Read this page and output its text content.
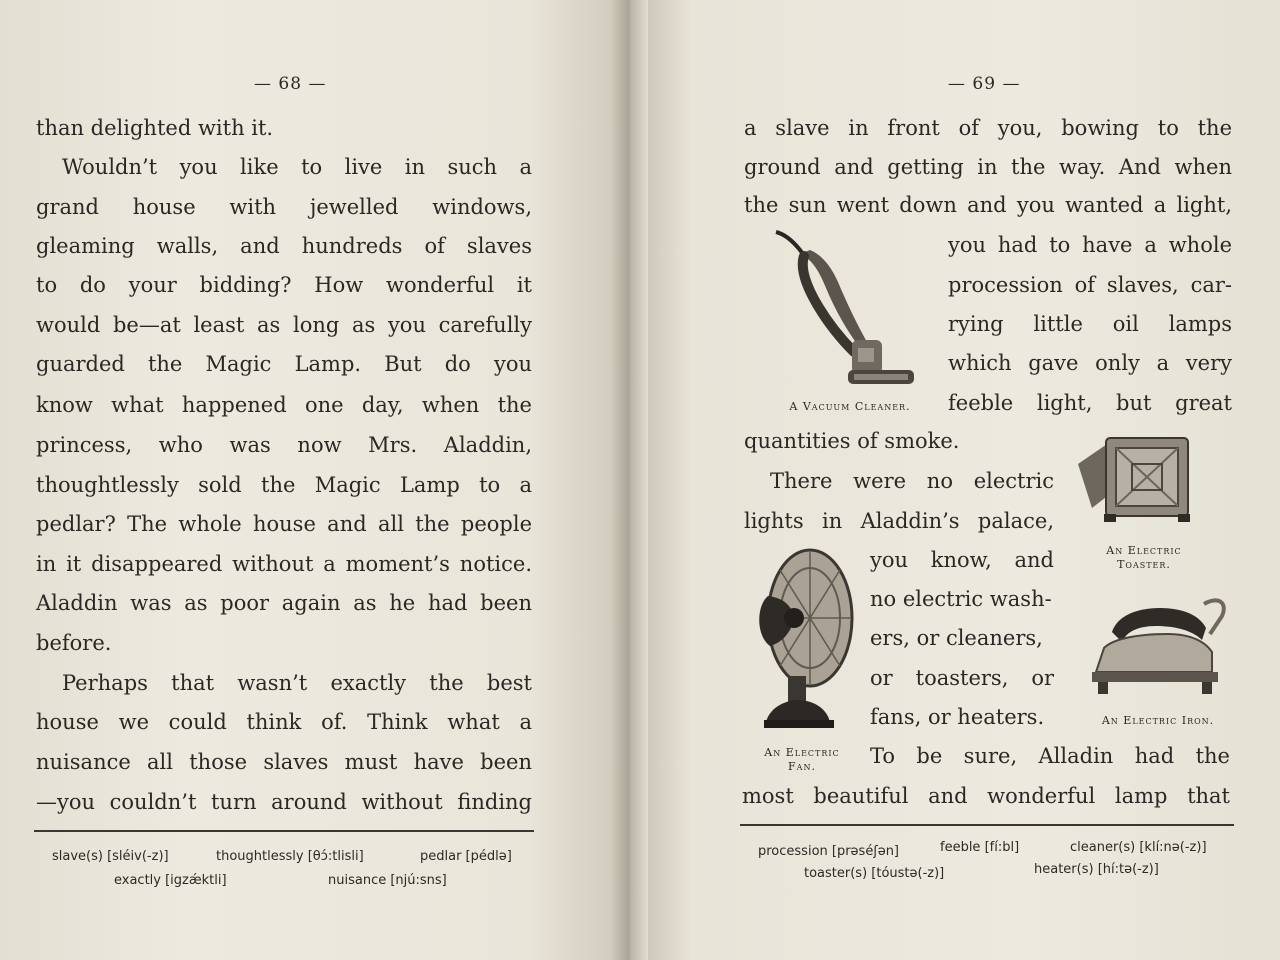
— 68 —
than delighted with it.
Wouldn’t you like to live in such a
grand house with jewelled windows,
gleaming walls, and hundreds of slaves
to do your bidding? How wonderful it
would be—at least as long as you carefully
guarded the Magic Lamp. But do you
know what happened one day, when the
princess, who was now Mrs. Aladdin,
thoughtlessly sold the Magic Lamp to a
pedlar? The whole house and all the people
in it disappeared without a moment’s notice.
Aladdin was as poor again as he had been
before.
Perhaps that wasn’t exactly the best
house we could think of. Think what a
nuisance all those slaves must have been
—you couldn’t turn around without finding
slave(s) [sléiv(-z)]	thoughtlessly [θɔ́:tlisli]	pedlar [pédlə]
exactly [igzǽktli]	nuisance [njú:sns]
— 69 —
a slave in front of you, bowing to the
ground and getting in the way. And when
the sun went down and you wanted a light,
you had to have a whole
procession of slaves, car-
rying little oil lamps
which gave only a very
feeble light, but great
quantities of smoke.
There were no electric
lights in Aladdin’s palace,
you know, and
no electric wash-
ers, or cleaners,
or toasters, or
fans, or heaters.
To be sure, Alladin had the
most beautiful and wonderful lamp that
A Vacuum Cleaner.
An Electric
Toaster.
An Electric Iron.
An Electric
Fan.
procession [prəséʃən]	feeble [fí:bl]	cleaner(s) [klí:nə(-z)]
toaster(s) [tóustə(-z)]	heater(s) [hí:tə(-z)]
